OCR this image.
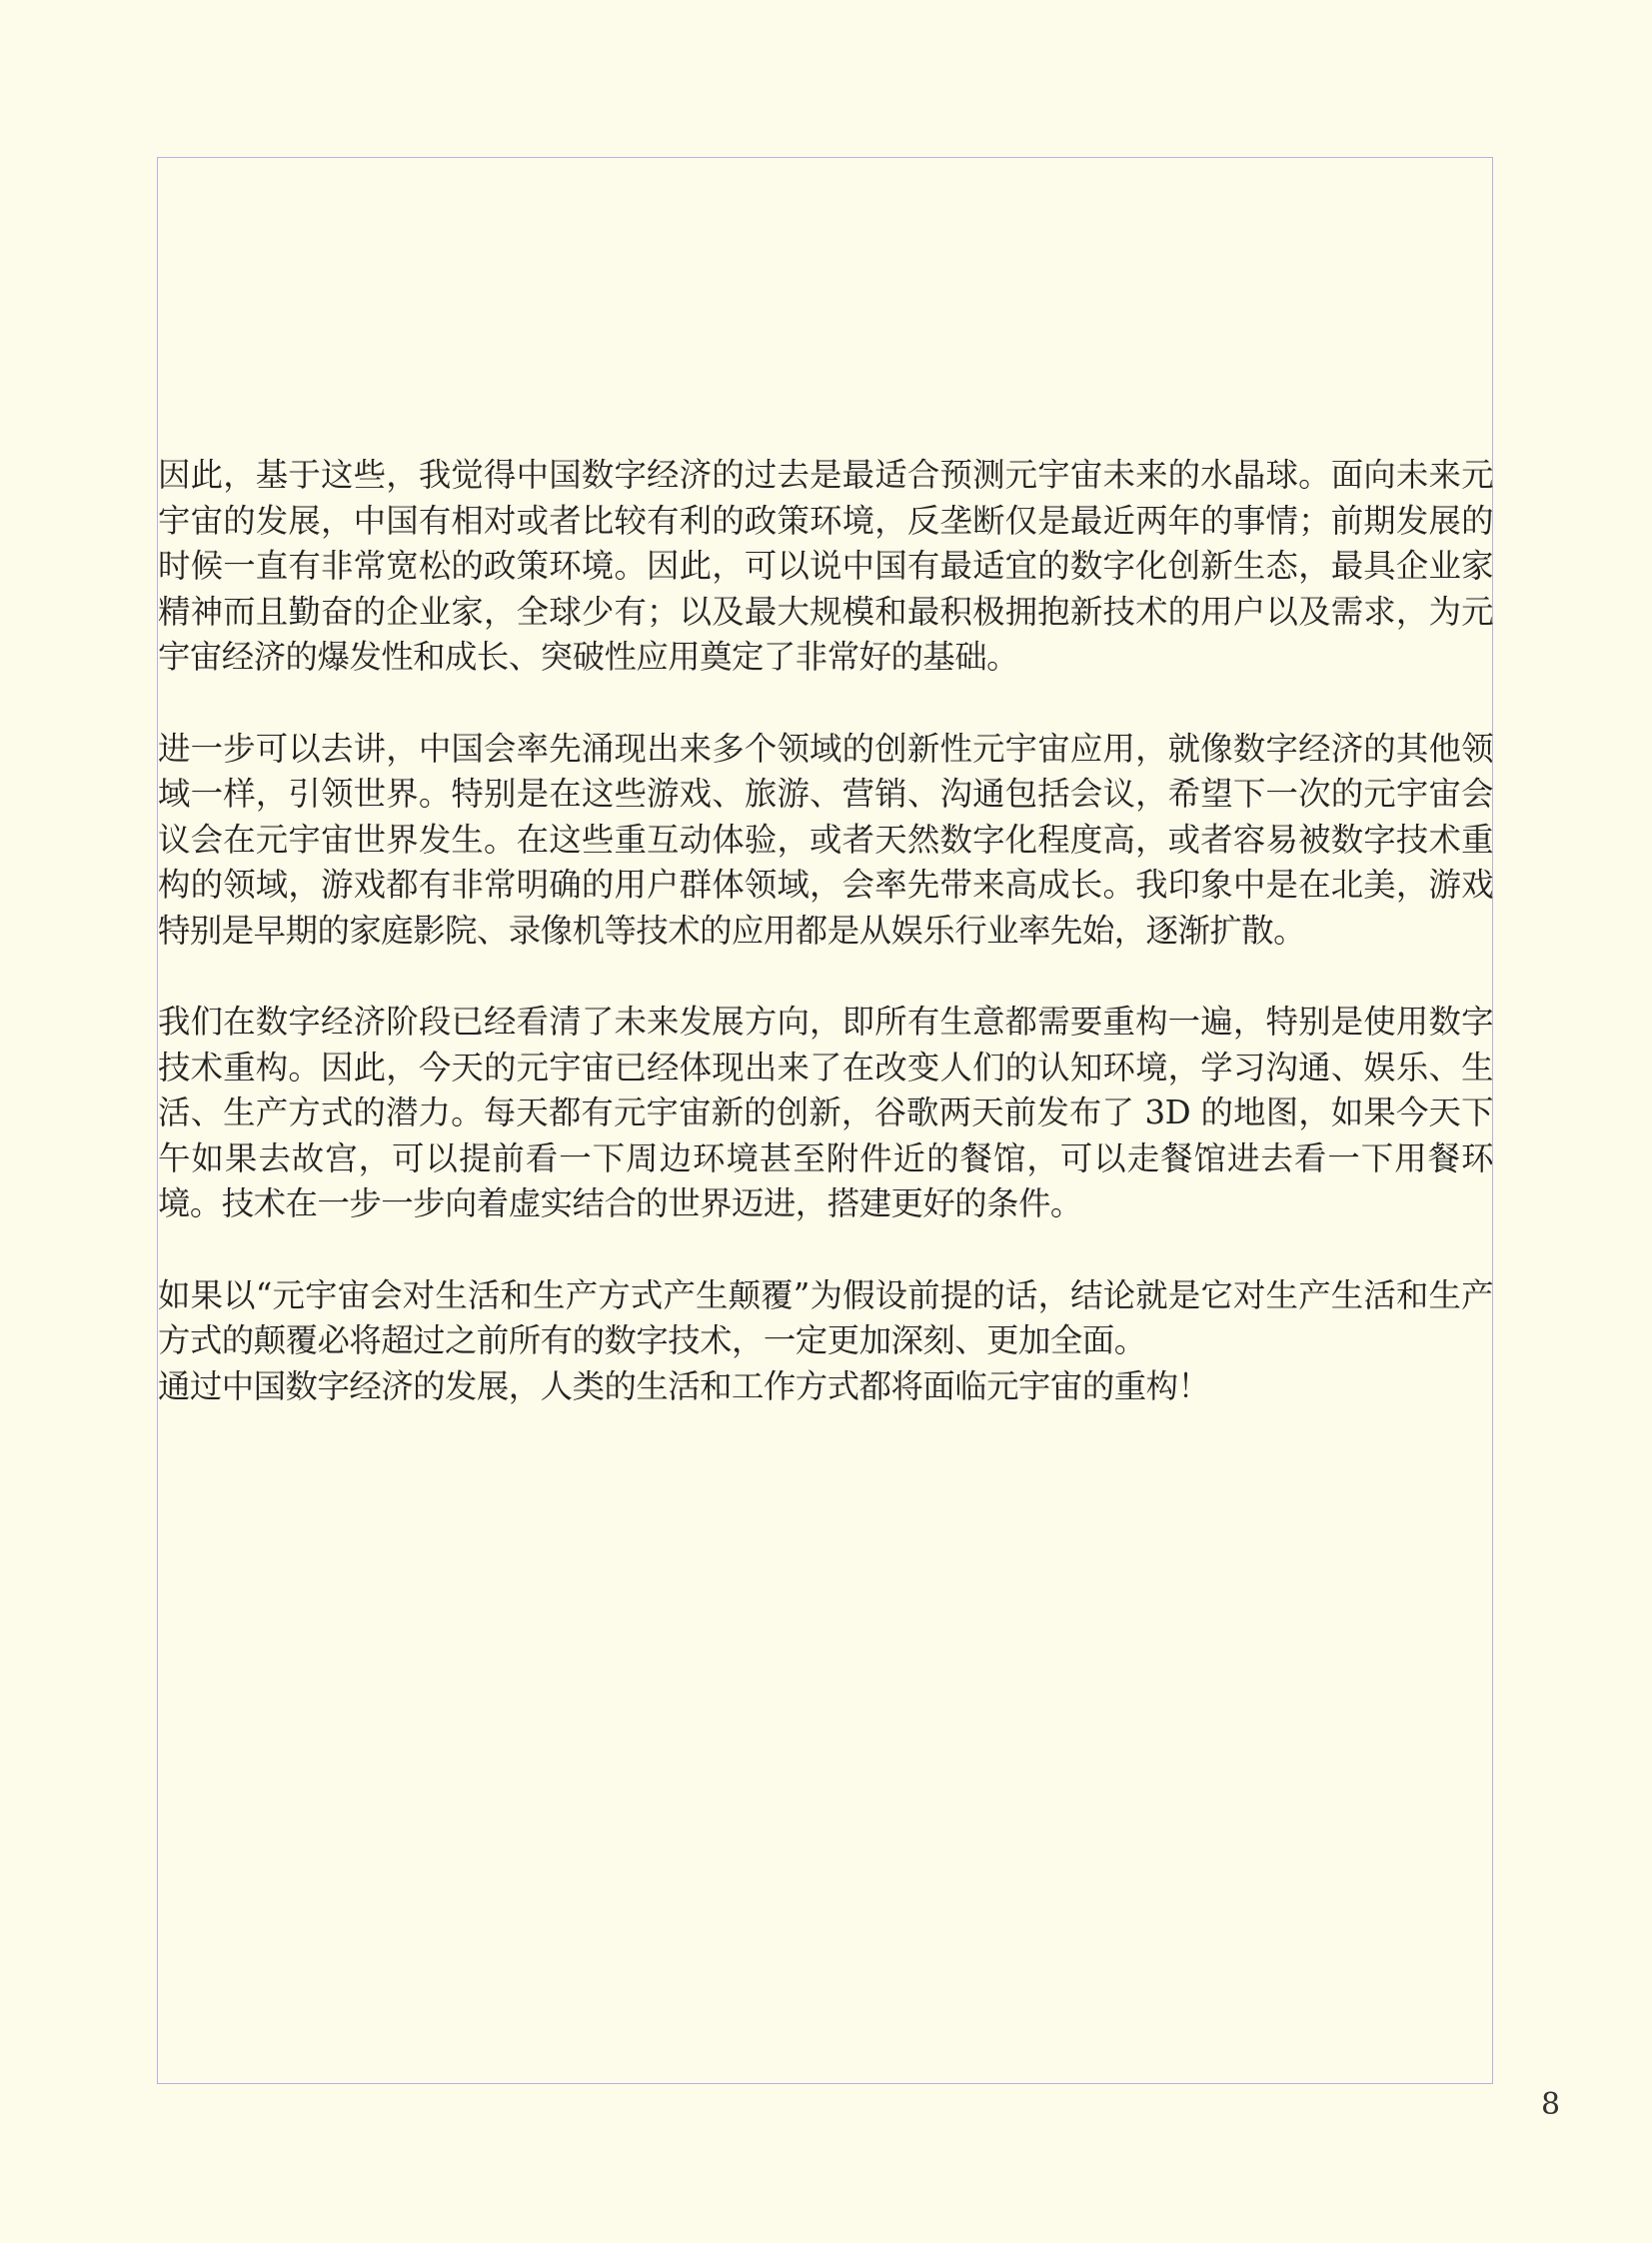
因此，基于这些，我觉得中国数字经济的过去是最适合预测元宇宙未来的水晶球。面向未来元宇宙的发展，中国有相对或者比较有利的政策环境，反垄断仅是最近两年的事情；前期发展的时候一直有非常宽松的政策环境。因此，可以说中国有最适宜的数字化创新生态，最具企业家精神而且勤奋的企业家，全球少有；以及最大规模和最积极拥抱新技术的用户以及需求，为元宇宙经济的爆发性和成长、突破性应用奠定了非常好的基础。

进一步可以去讲，中国会率先涌现出来多个领域的创新性元宇宙应用，就像数字经济的其他领域一样，引领世界。特别是在这些游戏、旅游、营销、沟通包括会议，希望下一次的元宇宙会议会在元宇宙世界发生。在这些重互动体验，或者天然数字化程度高，或者容易被数字技术重构的领域，游戏都有非常明确的用户群体领域，会率先带来高成长。我印象中是在北美，游戏特别是早期的家庭影院、录像机等技术的应用都是从娱乐行业率先始，逐渐扩散。

我们在数字经济阶段已经看清了未来发展方向，即所有生意都需要重构一遍，特别是使用数字技术重构。因此，今天的元宇宙已经体现出来了在改变人们的认知环境，学习沟通、娱乐、生活、生产方式的潜力。每天都有元宇宙新的创新，谷歌两天前发布了 3D 的地图，如果今天下午如果去故宫，可以提前看一下周边环境甚至附件近的餐馆，可以走餐馆进去看一下用餐环境。技术在一步一步向着虚实结合的世界迈进，搭建更好的条件。

如果以“元宇宙会对生活和生产方式产生颠覆”为假设前提的话，结论就是它对生产生活和生产方式的颠覆必将超过之前所有的数字技术，一定更加深刻、更加全面。

通过中国数字经济的发展，人类的生活和工作方式都将面临元宇宙的重构！

8
